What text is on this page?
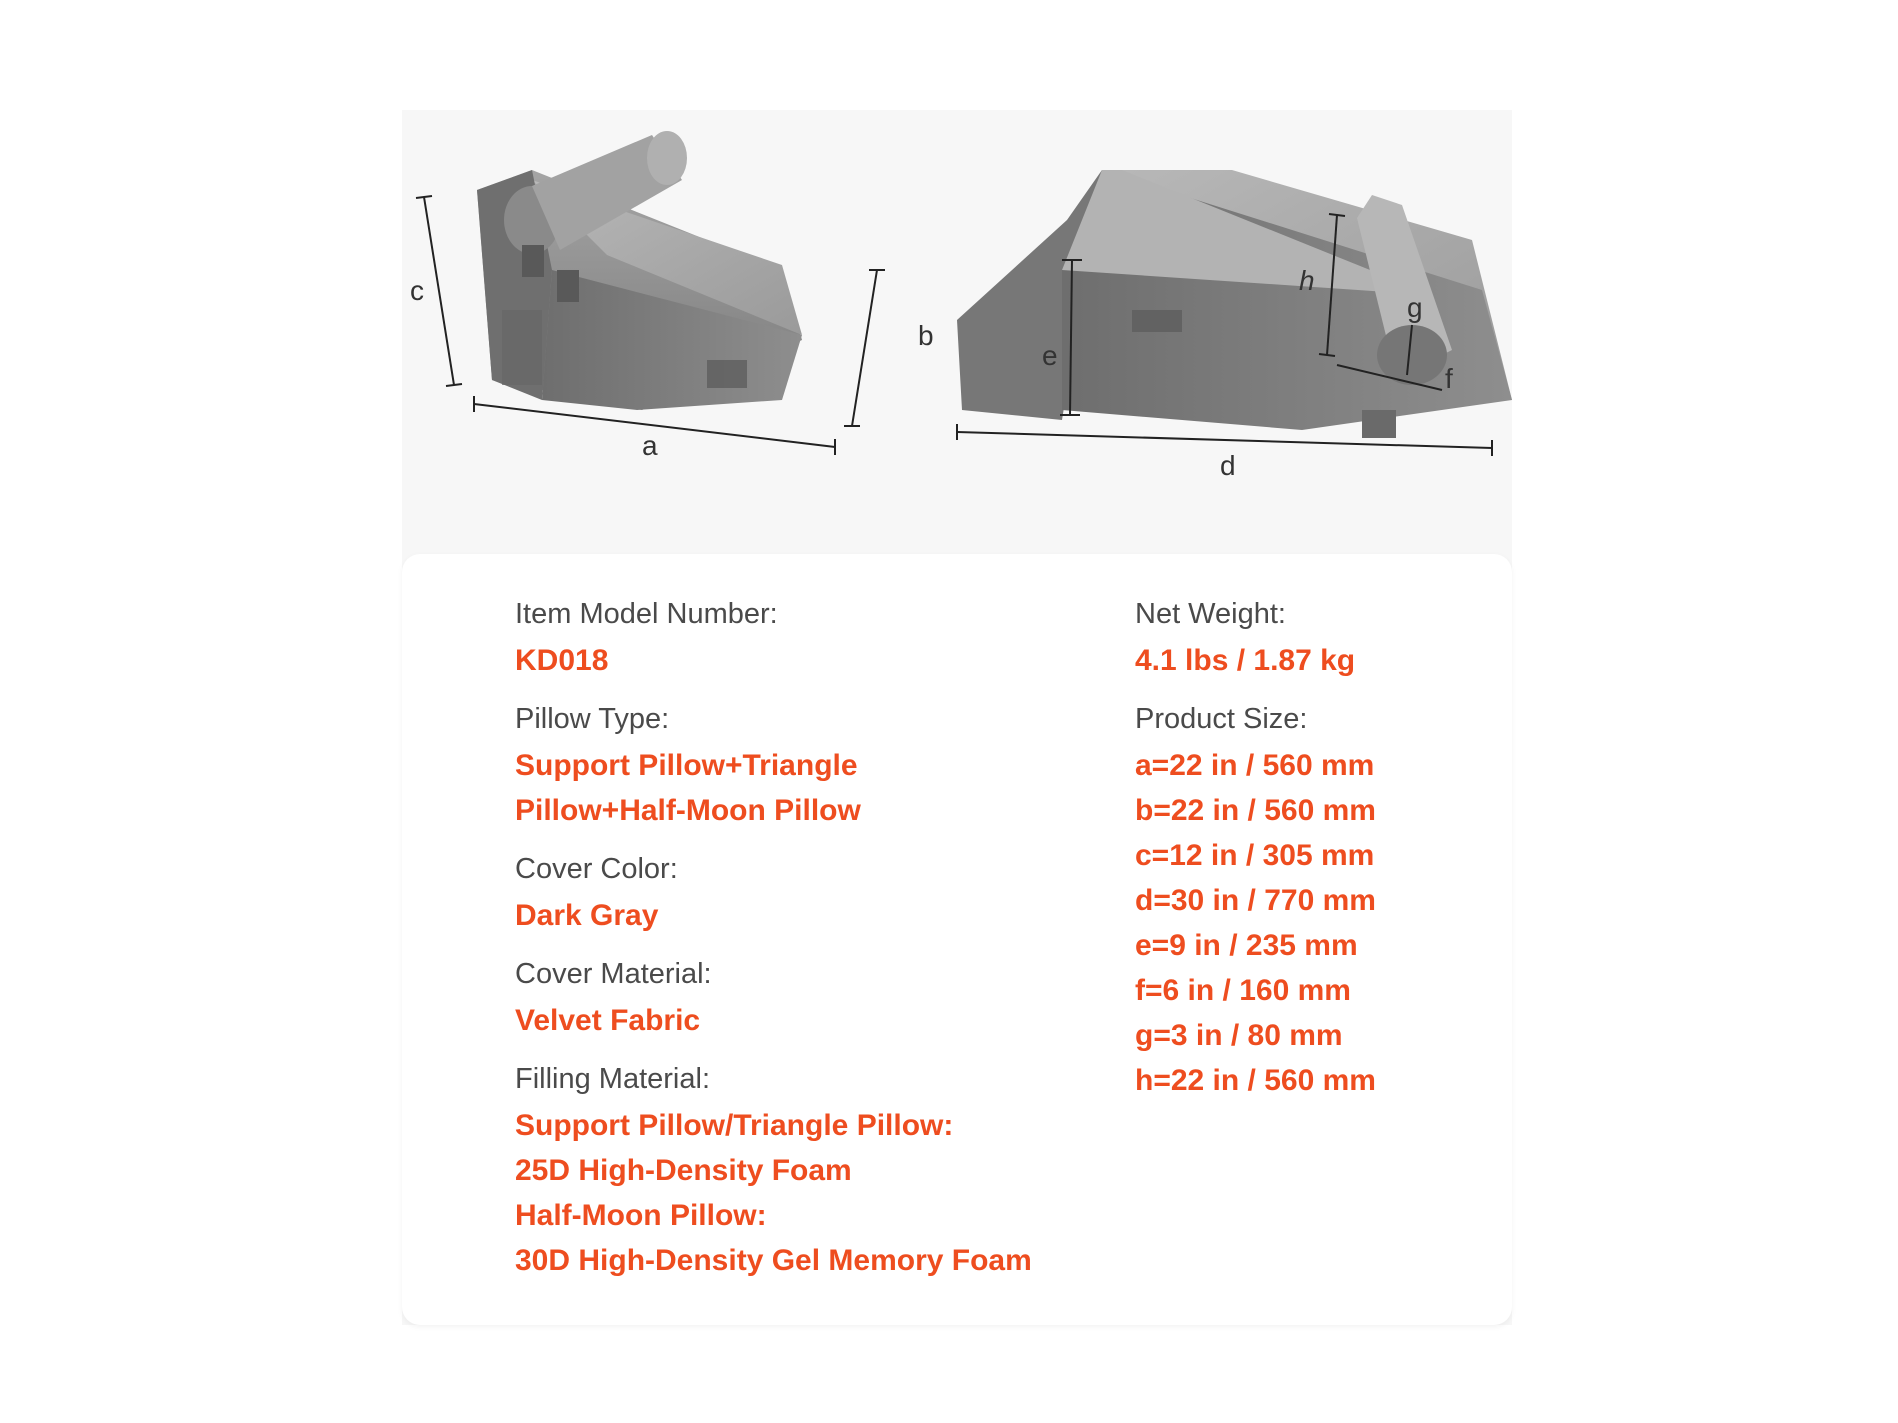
c
b
a
e
h
g
f
d
Item Model Number:
KD018
Pillow Type:
Support Pillow+Triangle
Pillow+Half-Moon Pillow
Cover Color:
Dark Gray
Cover Material:
Velvet Fabric
Filling Material:
Support Pillow/Triangle Pillow:
25D High-Density Foam
Half-Moon Pillow:
30D High-Density Gel Memory Foam
Net Weight:
4.1 lbs / 1.87 kg
Product Size:
a=22 in / 560 mm
b=22 in / 560 mm
c=12 in / 305 mm
d=30 in / 770 mm
e=9 in / 235 mm
f=6 in / 160 mm
g=3 in / 80 mm
h=22 in / 560 mm
